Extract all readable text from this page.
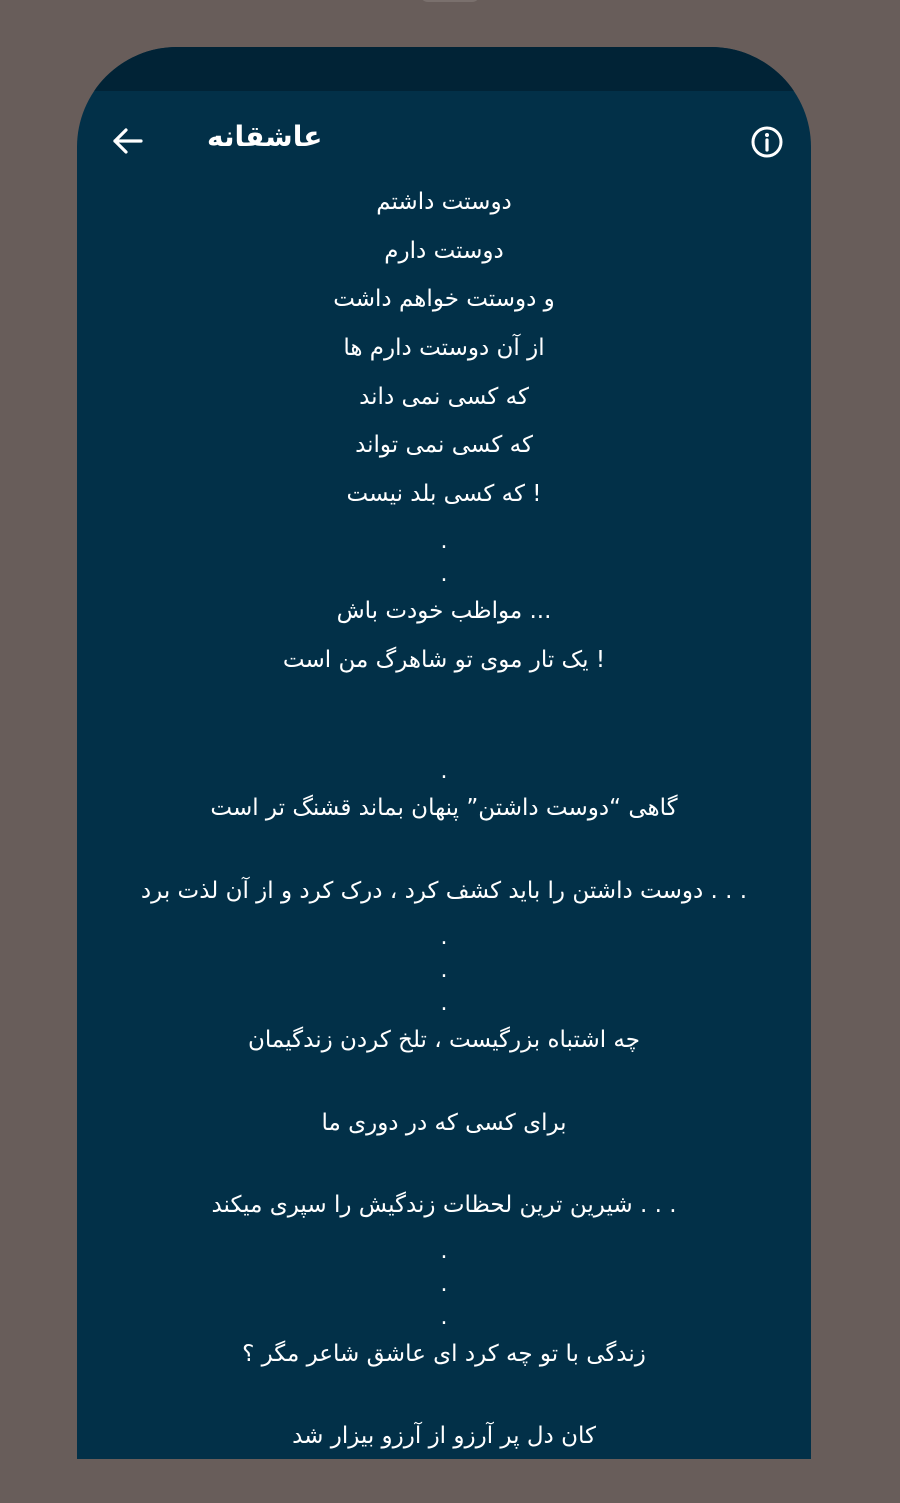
عاشقانه
دوستت داشتم
دوستت دارم
و دوستت خواهم داشت
از آن دوستت دارم ها
که کسی نمی داند
که کسی نمی تواند
! که کسی بلد نیست
.
.
... مواظب خودت باش
! یک تار موی تو شاهرگ من است
.
گاهی “دوست داشتن” پنهان بماند قشنگ تر است
. . . دوست داشتن را باید کشف کرد ، درک کرد و از آن لذت برد
.
.
.
چه اشتباه بزرگیست ، تلخ کردن زندگیمان
برای کسی که در دوری ما
. . . شیرین ترین لحظات زندگیش را سپری میکند
.
.
.
زندگی با تو چه کرد ای عاشق شاعر مگر ؟
کان دل پر آرزو از آرزو بیزار شد
